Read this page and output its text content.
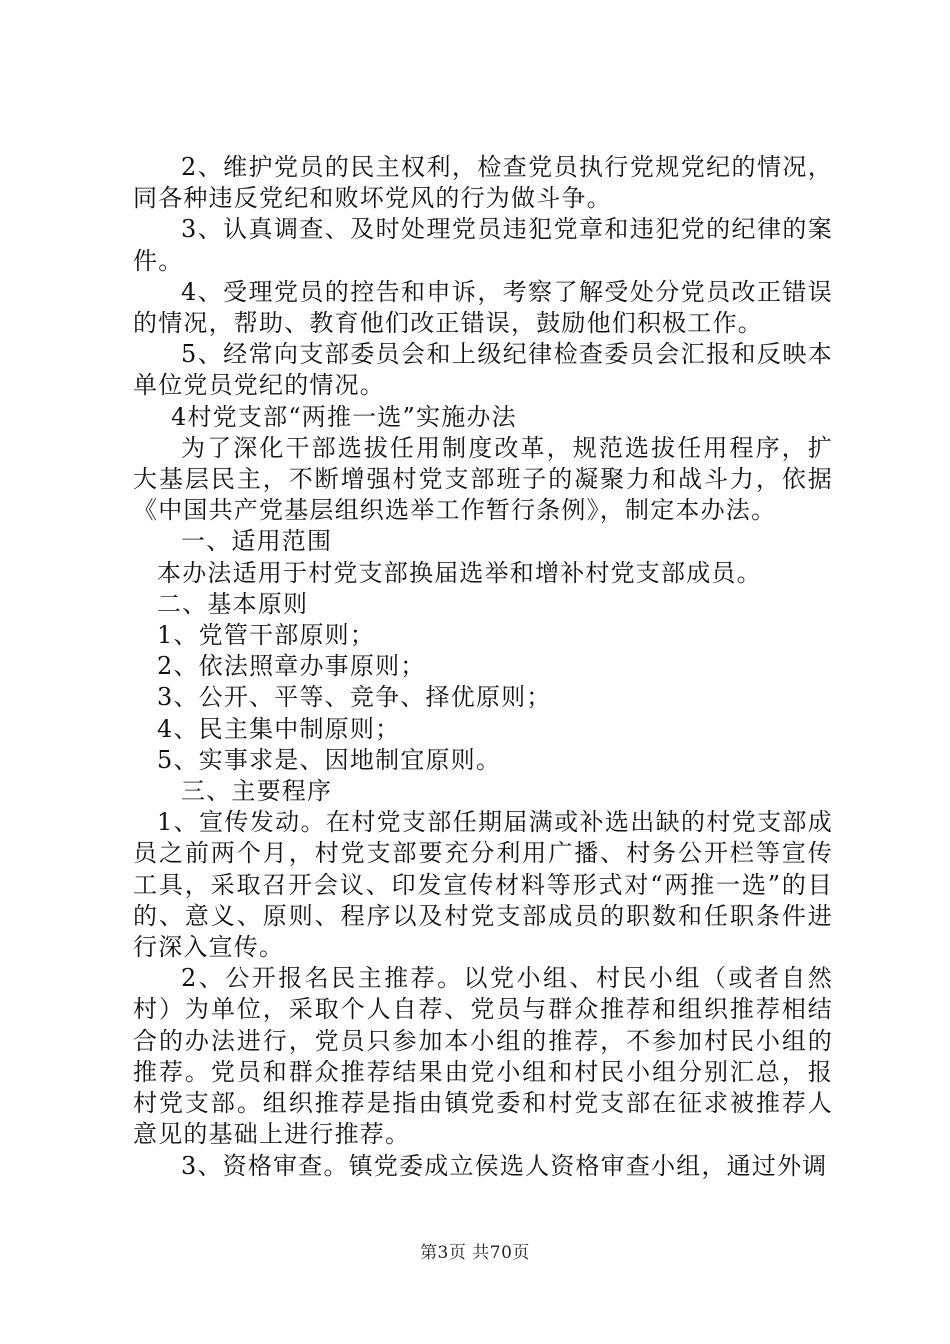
2、维护党员的民主权利，检查党员执行党规党纪的情况，同各种违反党纪和败坏党风的行为做斗争。

3、认真调查、及时处理党员违犯党章和违犯党的纪律的案件。

4、受理党员的控告和申诉，考察了解受处分党员改正错误的情况，帮助、教育他们改正错误，鼓励他们积极工作。

5、经常向支部委员会和上级纪律检查委员会汇报和反映本单位党员党纪的情况。

4村党支部“两推一选”实施办法

为了深化干部选拔任用制度改革，规范选拔任用程序，扩大基层民主，不断增强村党支部班子的凝聚力和战斗力，依据《中国共产党基层组织选举工作暂行条例》，制定本办法。

一、适用范围

本办法适用于村党支部换届选举和增补村党支部成员。

二、基本原则

1、党管干部原则；

2、依法照章办事原则；

3、公开、平等、竞争、择优原则；

4、民主集中制原则；

5、实事求是、因地制宜原则。

三、主要程序

1、宣传发动。在村党支部任期届满或补选出缺的村党支部成员之前两个月，村党支部要充分利用广播、村务公开栏等宣传工具，采取召开会议、印发宣传材料等形式对“两推一选”的目的、意义、原则、程序以及村党支部成员的职数和任职条件进行深入宣传。

2、公开报名民主推荐。以党小组、村民小组（或者自然村）为单位，采取个人自荐、党员与群众推荐和组织推荐相结合的办法进行，党员只参加本小组的推荐，不参加村民小组的推荐。党员和群众推荐结果由党小组和村民小组分别汇总，报村党支部。组织推荐是指由镇党委和村党支部在征求被推荐人意见的基础上进行推荐。

3、资格审查。镇党委成立侯选人资格审查小组，通过外调

第3页 共70页
